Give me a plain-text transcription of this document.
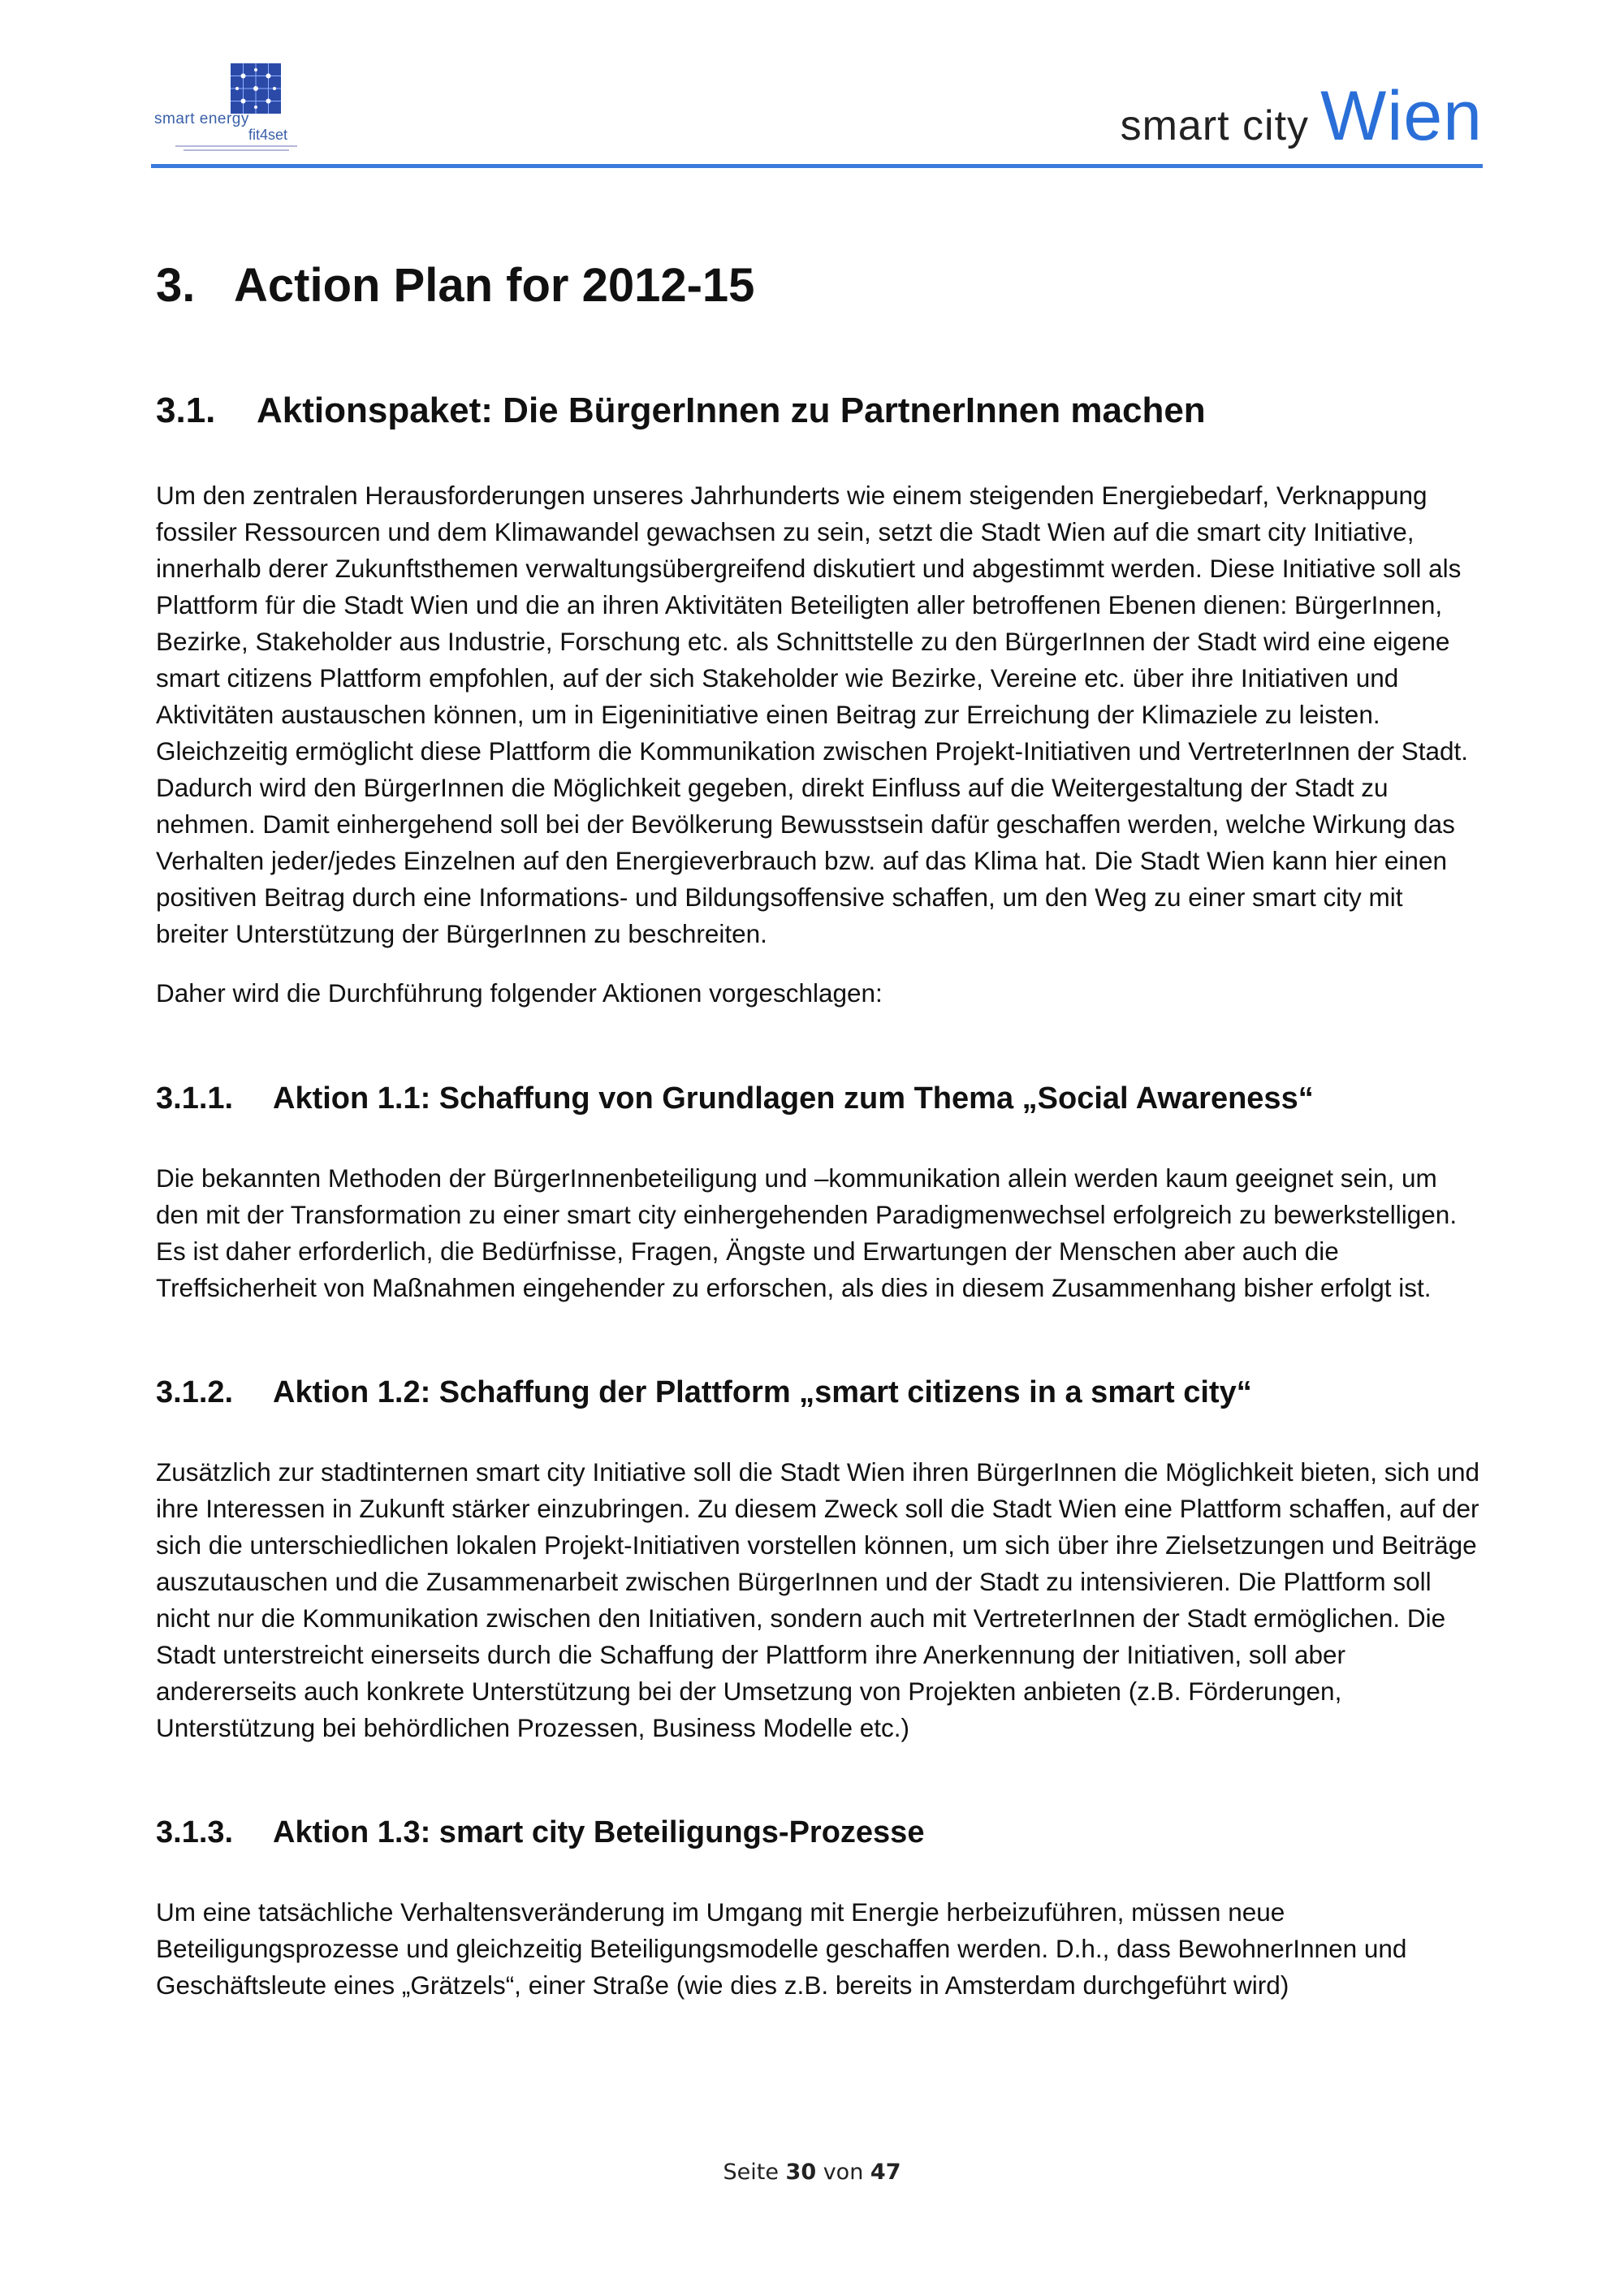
smart energy
fit4set	smart city Wien
3. Action Plan for 2012-15
3.1. Aktionspaket: Die BürgerInnen zu PartnerInnen machen

Um den zentralen Herausforderungen unseres Jahrhunderts wie einem steigenden Energiebedarf, Verknappung fossiler Ressourcen und dem Klimawandel gewachsen zu sein, setzt die Stadt Wien auf die smart city Initiative, innerhalb derer Zukunftsthemen verwaltungsübergreifend diskutiert und abgestimmt werden. Diese Initiative soll als Plattform für die Stadt Wien und die an ihren Aktivitäten Beteiligten aller betroffenen Ebenen dienen: BürgerInnen, Bezirke, Stakeholder aus Industrie, Forschung etc. als Schnittstelle zu den BürgerInnen der Stadt wird eine eigene smart citizens Plattform empfohlen, auf der sich Stakeholder wie Bezirke, Vereine etc. über ihre Initiativen und Aktivitäten austauschen können, um in Eigeninitiative einen Beitrag zur Erreichung der Klimaziele zu leisten. Gleichzeitig ermöglicht diese Plattform die Kommunikation zwischen Projekt-Initiativen und VertreterInnen der Stadt. Dadurch wird den BürgerInnen die Möglichkeit gegeben, direkt Einfluss auf die Weitergestaltung der Stadt zu nehmen. Damit einhergehend soll bei der Bevölkerung Bewusstsein dafür geschaffen werden, welche Wirkung das Verhalten jeder/jedes Einzelnen auf den Energieverbrauch bzw. auf das Klima hat. Die Stadt Wien kann hier einen positiven Beitrag durch eine Informations- und Bildungsoffensive schaffen, um den Weg zu einer smart city mit breiter Unterstützung der BürgerInnen zu beschreiten.

Daher wird die Durchführung folgender Aktionen vorgeschlagen:

3.1.1. Aktion 1.1: Schaffung von Grundlagen zum Thema „Social Awareness“

Die bekannten Methoden der BürgerInnenbeteiligung und –kommunikation allein werden kaum geeignet sein, um den mit der Transformation zu einer smart city einhergehenden Paradigmenwechsel erfolgreich zu bewerkstelligen. Es ist daher erforderlich, die Bedürfnisse, Fragen, Ängste und Erwartungen der Menschen aber auch die Treffsicherheit von Maßnahmen eingehender zu erforschen, als dies in diesem Zusammenhang bisher erfolgt ist.

3.1.2. Aktion 1.2: Schaffung der Plattform „smart citizens in a smart city“

Zusätzlich zur stadtinternen smart city Initiative soll die Stadt Wien ihren BürgerInnen die Möglichkeit bieten, sich und ihre Interessen in Zukunft stärker einzubringen. Zu diesem Zweck soll die Stadt Wien eine Plattform schaffen, auf der sich die unterschiedlichen lokalen Projekt-Initiativen vorstellen können, um sich über ihre Zielsetzungen und Beiträge auszutauschen und die Zusammenarbeit zwischen BürgerInnen und der Stadt zu intensivieren. Die Plattform soll nicht nur die Kommunikation zwischen den Initiativen, sondern auch mit VertreterInnen der Stadt ermöglichen. Die Stadt unterstreicht einerseits durch die Schaffung der Plattform ihre Anerkennung der Initiativen, soll aber andererseits auch konkrete Unterstützung bei der Umsetzung von Projekten anbieten (z.B. Förderungen, Unterstützung bei behördlichen Prozessen, Business Modelle etc.)

3.1.3. Aktion 1.3: smart city Beteiligungs-Prozesse

Um eine tatsächliche Verhaltensveränderung im Umgang mit Energie herbeizuführen, müssen neue Beteiligungsprozesse und gleichzeitig Beteiligungsmodelle geschaffen werden. D.h., dass BewohnerInnen und Geschäftsleute eines „Grätzels“, einer Straße (wie dies z.B. bereits in Amsterdam durchgeführt wird)

Seite 30 von 47
